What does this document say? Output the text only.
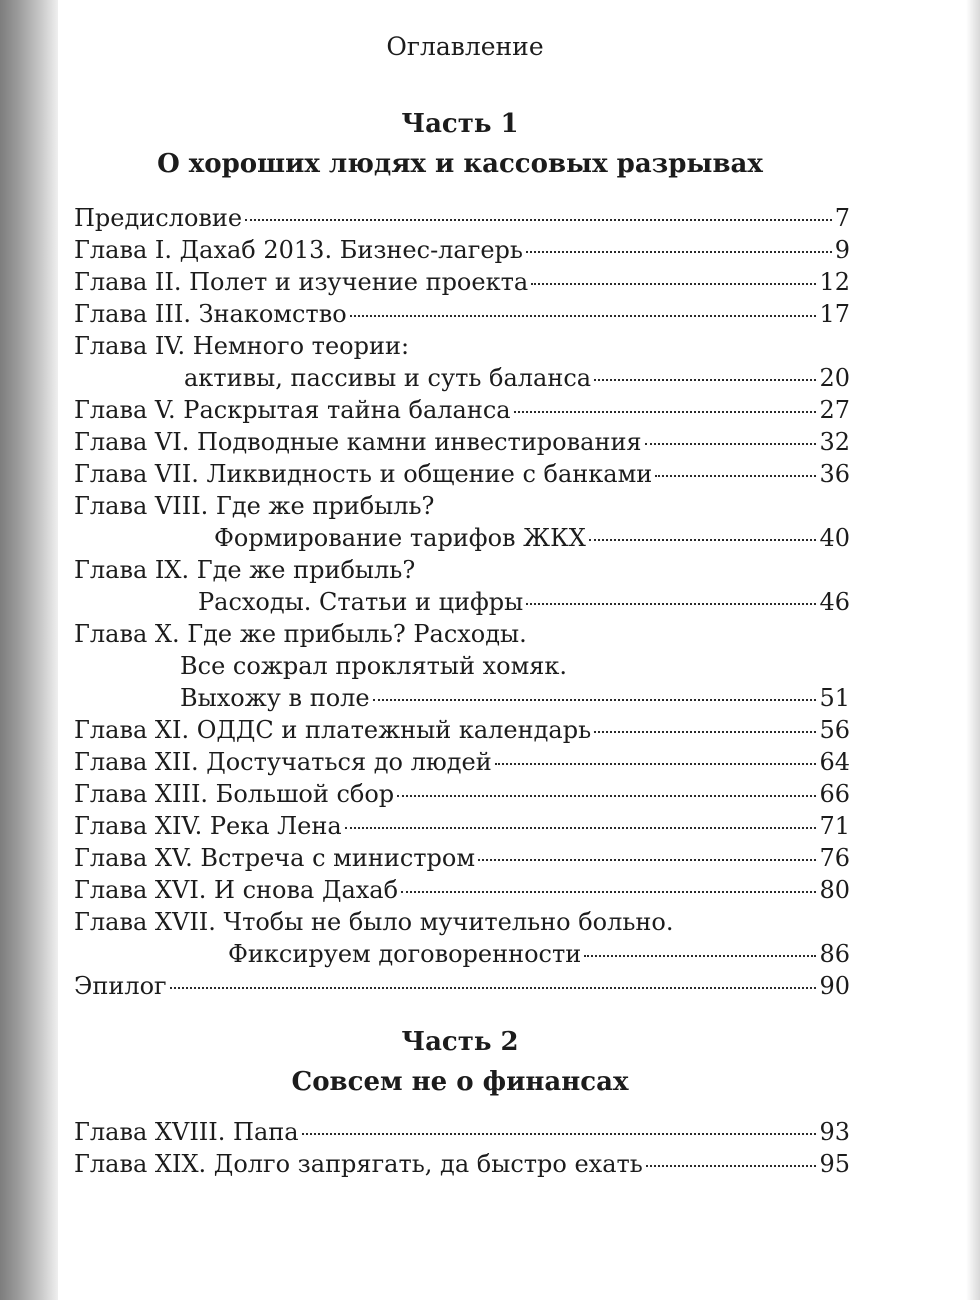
Оглавление
Часть 1
О хороших людях и кассовых разрывах
Предисловие	7
Глава I. Дахаб 2013. Бизнес-лагерь	9
Глава II. Полет и изучение проекта	12
Глава III. Знакомство	17
Глава IV. Немного теории:
активы, пассивы и суть баланса	20
Глава V. Раскрытая тайна баланса	27
Глава VI. Подводные камни инвестирования	32
Глава VII. Ликвидность и общение с банками	36
Глава VIII. Где же прибыль?
Формирование тарифов ЖКХ	40
Глава IX. Где же прибыль?
Расходы. Статьи и цифры	46
Глава X. Где же прибыль? Расходы.
Все сожрал проклятый хомяк.
Выхожу в поле	51
Глава XI. ОДДС и платежный календарь	56
Глава XII. Достучаться до людей	64
Глава XIII. Большой сбор	66
Глава XIV. Река Лена	71
Глава XV. Встреча с министром	76
Глава XVI. И снова Дахаб	80
Глава XVII. Чтобы не было мучительно больно.
Фиксируем договоренности	86
Эпилог	90
Часть 2
Совсем не о финансах
Глава XVIII. Папа	93
Глава XIX. Долго запрягать, да быстро ехать	95
